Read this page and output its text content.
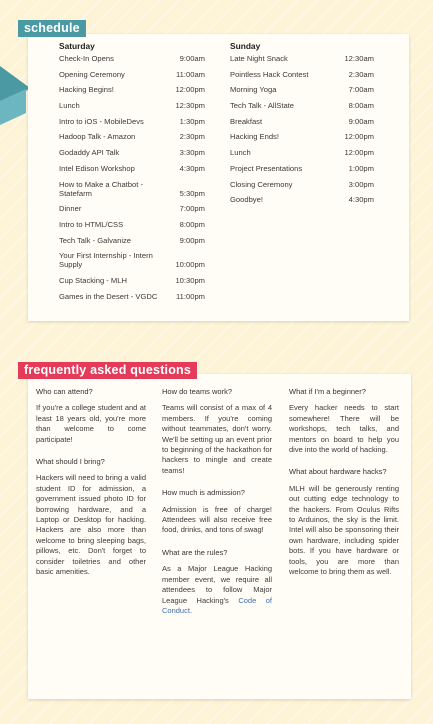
Saturday
Check-In Opens	9:00am
Opening Ceremony	11:00am
Hacking Begins!	12:00pm
Lunch	12:30pm
Intro to iOS - MobileDevs	1:30pm
Hadoop Talk - Amazon	2:30pm
Godaddy API Talk	3:30pm
Intel Edison Workshop	4:30pm
How to Make a Chatbot - Statefarm	5:30pm
Dinner	7:00pm
Intro to HTML/CSS	8:00pm
Tech Talk - Galvanize	9:00pm
Your First Internship - Intern Supply	10:00pm
Cup Stacking - MLH	10:30pm
Games in the Desert - VGDC	11:00pm
Sunday
Late Night Snack	12:30am
Pointless Hack Contest	2:30am
Morning Yoga	7:00am
Tech Talk - AllState	8:00am
Breakfast	9:00am
Hacking Ends!	12:00pm
Lunch	12:00pm
Project Presentations	1:00pm
Closing Ceremony	3:00pm
Goodbye!	4:30pm
schedule
Who can attend?
If you're a college student and at least 18 years old, you're more than welcome to come participate!
What should I bring?
Hackers will need to bring a valid student ID for admission, a government issued photo ID for borrowing hardware, and a Laptop or Desktop for hacking. Hackers are also more than welcome to bring sleeping bags, pillows, etc. Don't forget to consider toiletries and other basic amenities.
How do teams work?
Teams will consist of a max of 4 members. If you're coming without teammates, don't worry. We'll be setting up an event prior to beginning of the hackathon for hackers to mingle and create teams!
How much is admission?
Admission is free of charge! Attendees will also receive free food, drinks, and tons of swag!
What are the rules?
As a Major League Hacking member event, we require all attendees to follow Major League Hacking's Code of Conduct.
What if I'm a beginner?
Every hacker needs to start somewhere! There will be workshops, tech talks, and mentors on board to help you dive into the world of hacking.
What about hardware hacks?
MLH will be generously renting out cutting edge technology to the hackers. From Oculus Rifts to Arduinos, the sky is the limit. Intel will also be sponsoring their own hardware, including spider bots. If you have hardware or tools, you are more than welcome to bring them as well.
frequently asked questions
